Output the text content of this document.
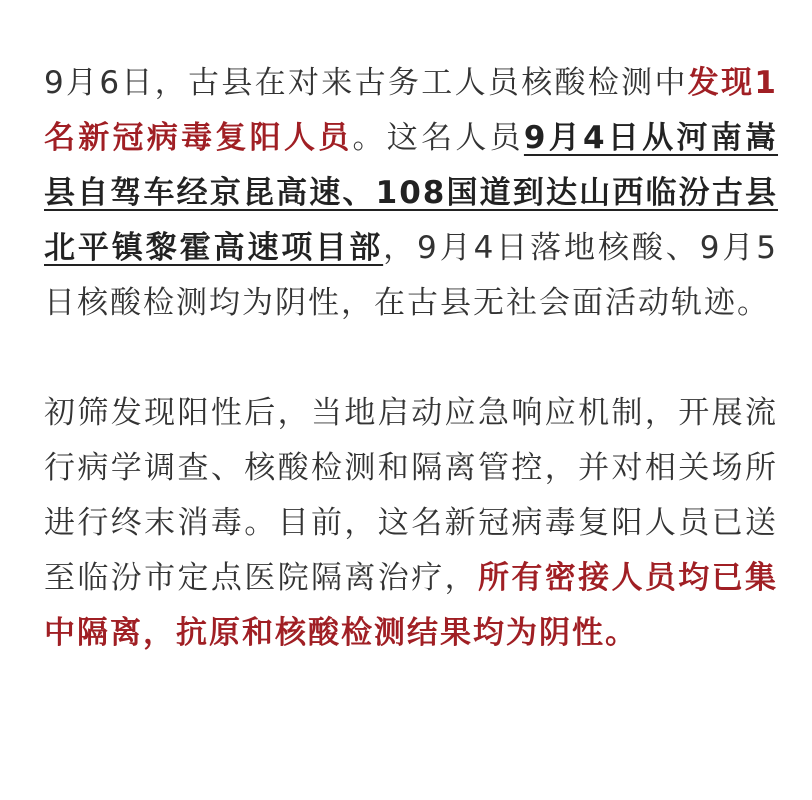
9月6日，古县在对来古务工人员核酸检测中发现1名新冠病毒复阳人员。这名人员9月4日从河南嵩县自驾车经京昆高速、108国道到达山西临汾古县北平镇黎霍高速项目部，9月4日落地核酸、9月5日核酸检测均为阴性，在古县无社会面活动轨迹。

初筛发现阳性后，当地启动应急响应机制，开展流行病学调查、核酸检测和隔离管控，并对相关场所进行终末消毒。目前，这名新冠病毒复阳人员已送至临汾市定点医院隔离治疗，所有密接人员均已集中隔离，抗原和核酸检测结果均为阴性。
